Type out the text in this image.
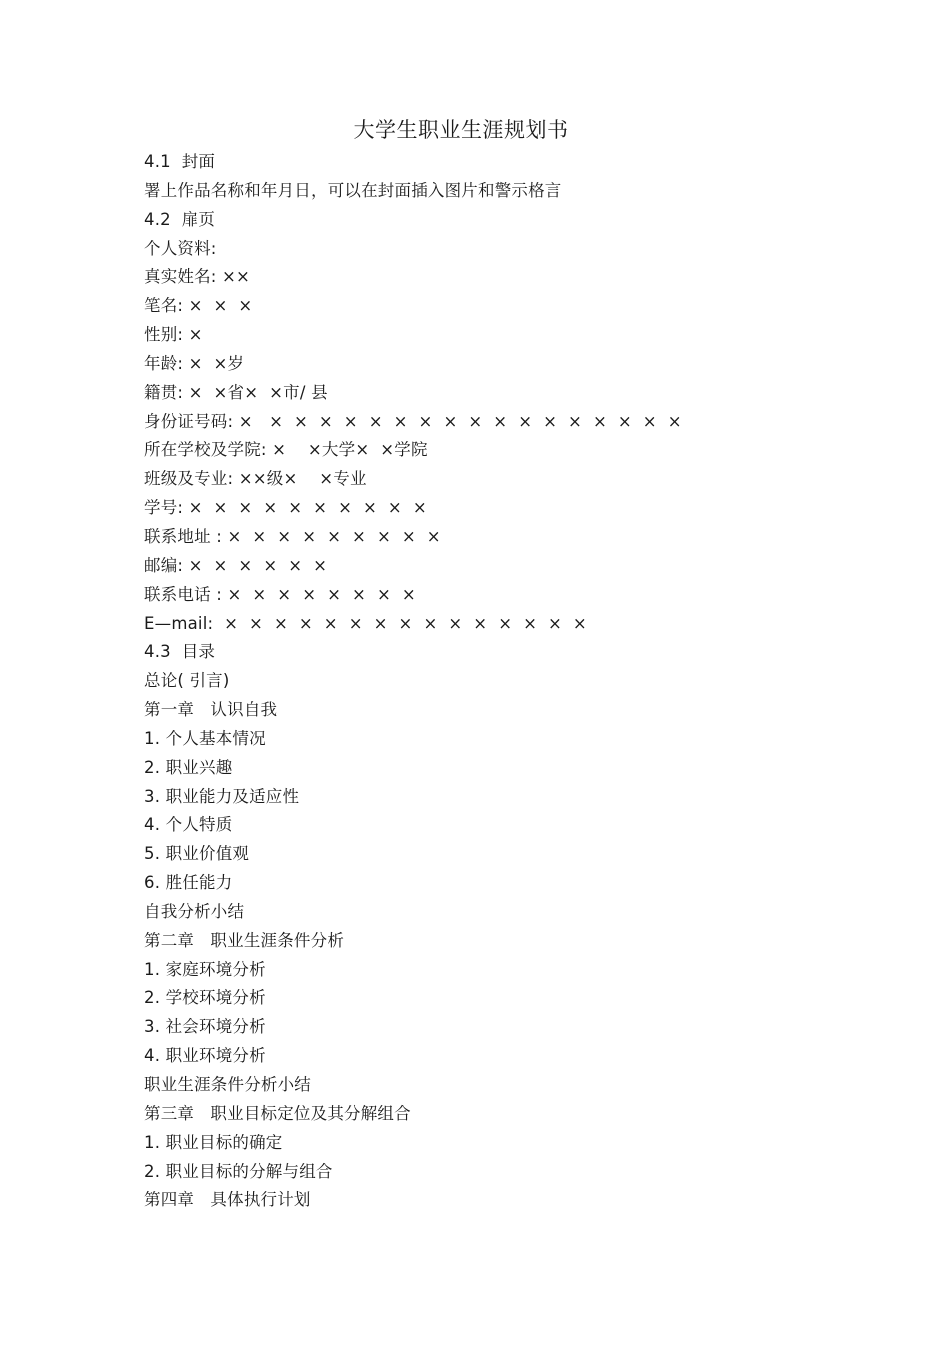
大学生职业生涯规划书
4.1  封面
署上作品名称和年月日，可以在封面插入图片和警示格言
4.2  扉页
个人资料:
真实姓名: ××
笔名: ×  ×  ×
性别: ×
年龄: ×  ×岁
籍贯: ×  ×省×  ×市/ 县
身份证号码: ×   ×  ×  ×  ×  ×  ×  ×  ×  ×  ×  ×  ×  ×  ×  ×  ×  ×
所在学校及学院: ×    ×大学×  ×学院
班级及专业: ××级×    ×专业
学号: ×  ×  ×  ×  ×  ×  ×  ×  ×  ×
联系地址 : ×  ×  ×  ×  ×  ×  ×  ×  ×
邮编: ×  ×  ×  ×  ×  ×
联系电话 : ×  ×  ×  ×  ×  ×  ×  ×
E—mail:  ×  ×  ×  ×  ×  ×  ×  ×  ×  ×  ×  ×  ×  ×  ×
4.3  目录
总论( 引言)
第一章   认识自我
1. 个人基本情况
2. 职业兴趣
3. 职业能力及适应性
4. 个人特质
5. 职业价值观
6. 胜任能力
自我分析小结
第二章   职业生涯条件分析
1. 家庭环境分析
2. 学校环境分析
3. 社会环境分析
4. 职业环境分析
职业生涯条件分析小结
第三章   职业目标定位及其分解组合
1. 职业目标的确定
2. 职业目标的分解与组合
第四章   具体执行计划
